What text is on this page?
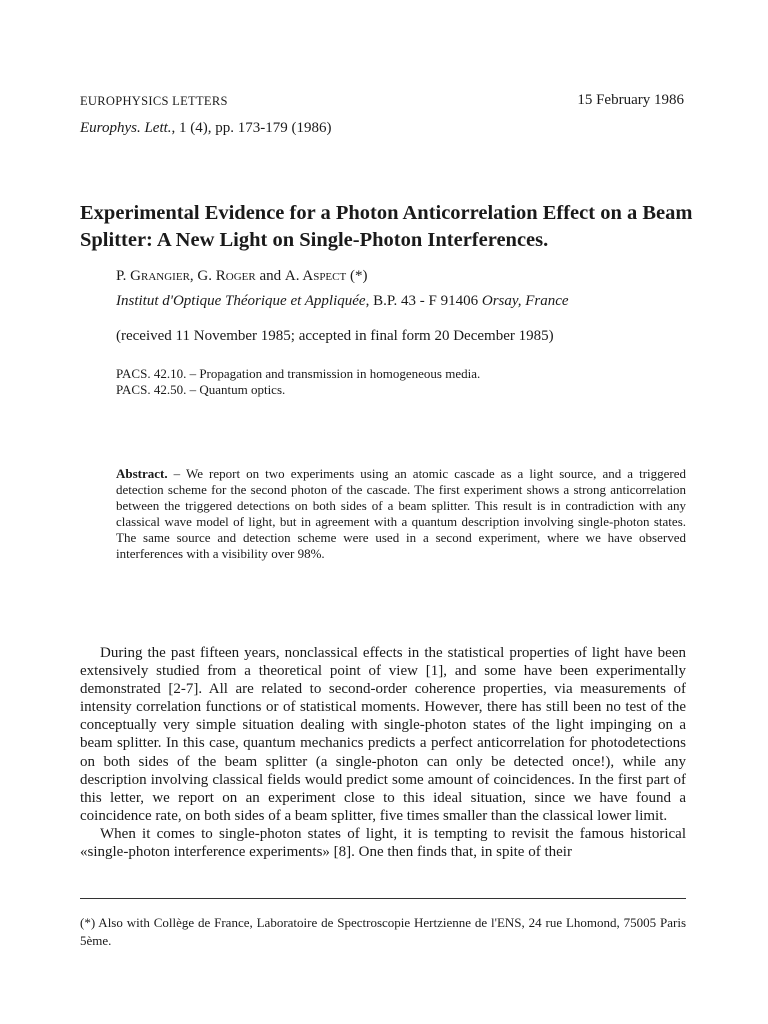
EUROPHYSICS LETTERS	15 February 1986
Europhys. Lett., 1 (4), pp. 173-179 (1986)
Experimental Evidence for a Photon Anticorrelation Effect on a Beam Splitter: A New Light on Single-Photon Interferences.
P. Grangier, G. Roger and A. Aspect (*)
Institut d'Optique Théorique et Appliquée, B.P. 43 - F 91406 Orsay, France
(received 11 November 1985; accepted in final form 20 December 1985)
PACS. 42.10. – Propagation and transmission in homogeneous media.
PACS. 42.50. – Quantum optics.

Abstract. – We report on two experiments using an atomic cascade as a light source, and a triggered detection scheme for the second photon of the cascade. The first experiment shows a strong anticorrelation between the triggered detections on both sides of a beam splitter. This result is in contradiction with any classical wave model of light, but in agreement with a quantum description involving single-photon states. The same source and detection scheme were used in a second experiment, where we have observed interferences with a visibility over 98%.

During the past fifteen years, nonclassical effects in the statistical properties of light have been extensively studied from a theoretical point of view [1], and some have been experimentally demonstrated [2-7]. All are related to second-order coherence properties, via measurements of intensity correlation functions or of statistical moments. However, there has still been no test of the conceptually very simple situation dealing with single-photon states of the light impinging on a beam splitter. In this case, quantum mechanics predicts a perfect anticorrelation for photodetections on both sides of the beam splitter (a single-photon can only be detected once!), while any description involving classical fields would predict some amount of coincidences. In the first part of this letter, we report on an experiment close to this ideal situation, since we have found a coincidence rate, on both sides of a beam splitter, five times smaller than the classical lower limit.

When it comes to single-photon states of light, it is tempting to revisit the famous historical «single-photon interference experiments» [8]. One then finds that, in spite of their

(*) Also with Collège de France, Laboratoire de Spectroscopie Hertzienne de l'ENS, 24 rue Lhomond, 75005 Paris 5ème.
